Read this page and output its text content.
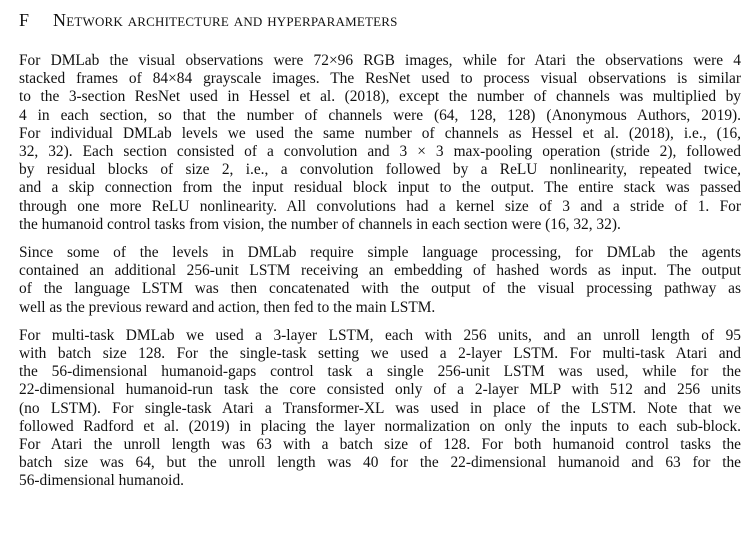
F	Network architecture and hyperparameters

For DMLab the visual observations were 72×96 RGB images, while for Atari the observations were 4
stacked frames of 84×84 grayscale images. The ResNet used to process visual observations is similar
to the 3-section ResNet used in Hessel et al. (2018), except the number of channels was multiplied by
4 in each section, so that the number of channels were (64, 128, 128) (Anonymous Authors, 2019).
For individual DMLab levels we used the same number of channels as Hessel et al. (2018), i.e., (16,
32, 32). Each section consisted of a convolution and 3 × 3 max-pooling operation (stride 2), followed
by residual blocks of size 2, i.e., a convolution followed by a ReLU nonlinearity, repeated twice,
and a skip connection from the input residual block input to the output. The entire stack was passed
through one more ReLU nonlinearity. All convolutions had a kernel size of 3 and a stride of 1. For
the humanoid control tasks from vision, the number of channels in each section were (16, 32, 32).

Since some of the levels in DMLab require simple language processing, for DMLab the agents
contained an additional 256-unit LSTM receiving an embedding of hashed words as input. The output
of the language LSTM was then concatenated with the output of the visual processing pathway as
well as the previous reward and action, then fed to the main LSTM.

For multi-task DMLab we used a 3-layer LSTM, each with 256 units, and an unroll length of 95
with batch size 128. For the single-task setting we used a 2-layer LSTM. For multi-task Atari and
the 56-dimensional humanoid-gaps control task a single 256-unit LSTM was used, while for the
22-dimensional humanoid-run task the core consisted only of a 2-layer MLP with 512 and 256 units
(no LSTM). For single-task Atari a Transformer-XL was used in place of the LSTM. Note that we
followed Radford et al. (2019) in placing the layer normalization on only the inputs to each sub-block.
For Atari the unroll length was 63 with a batch size of 128. For both humanoid control tasks the
batch size was 64, but the unroll length was 40 for the 22-dimensional humanoid and 63 for the
56-dimensional humanoid.
